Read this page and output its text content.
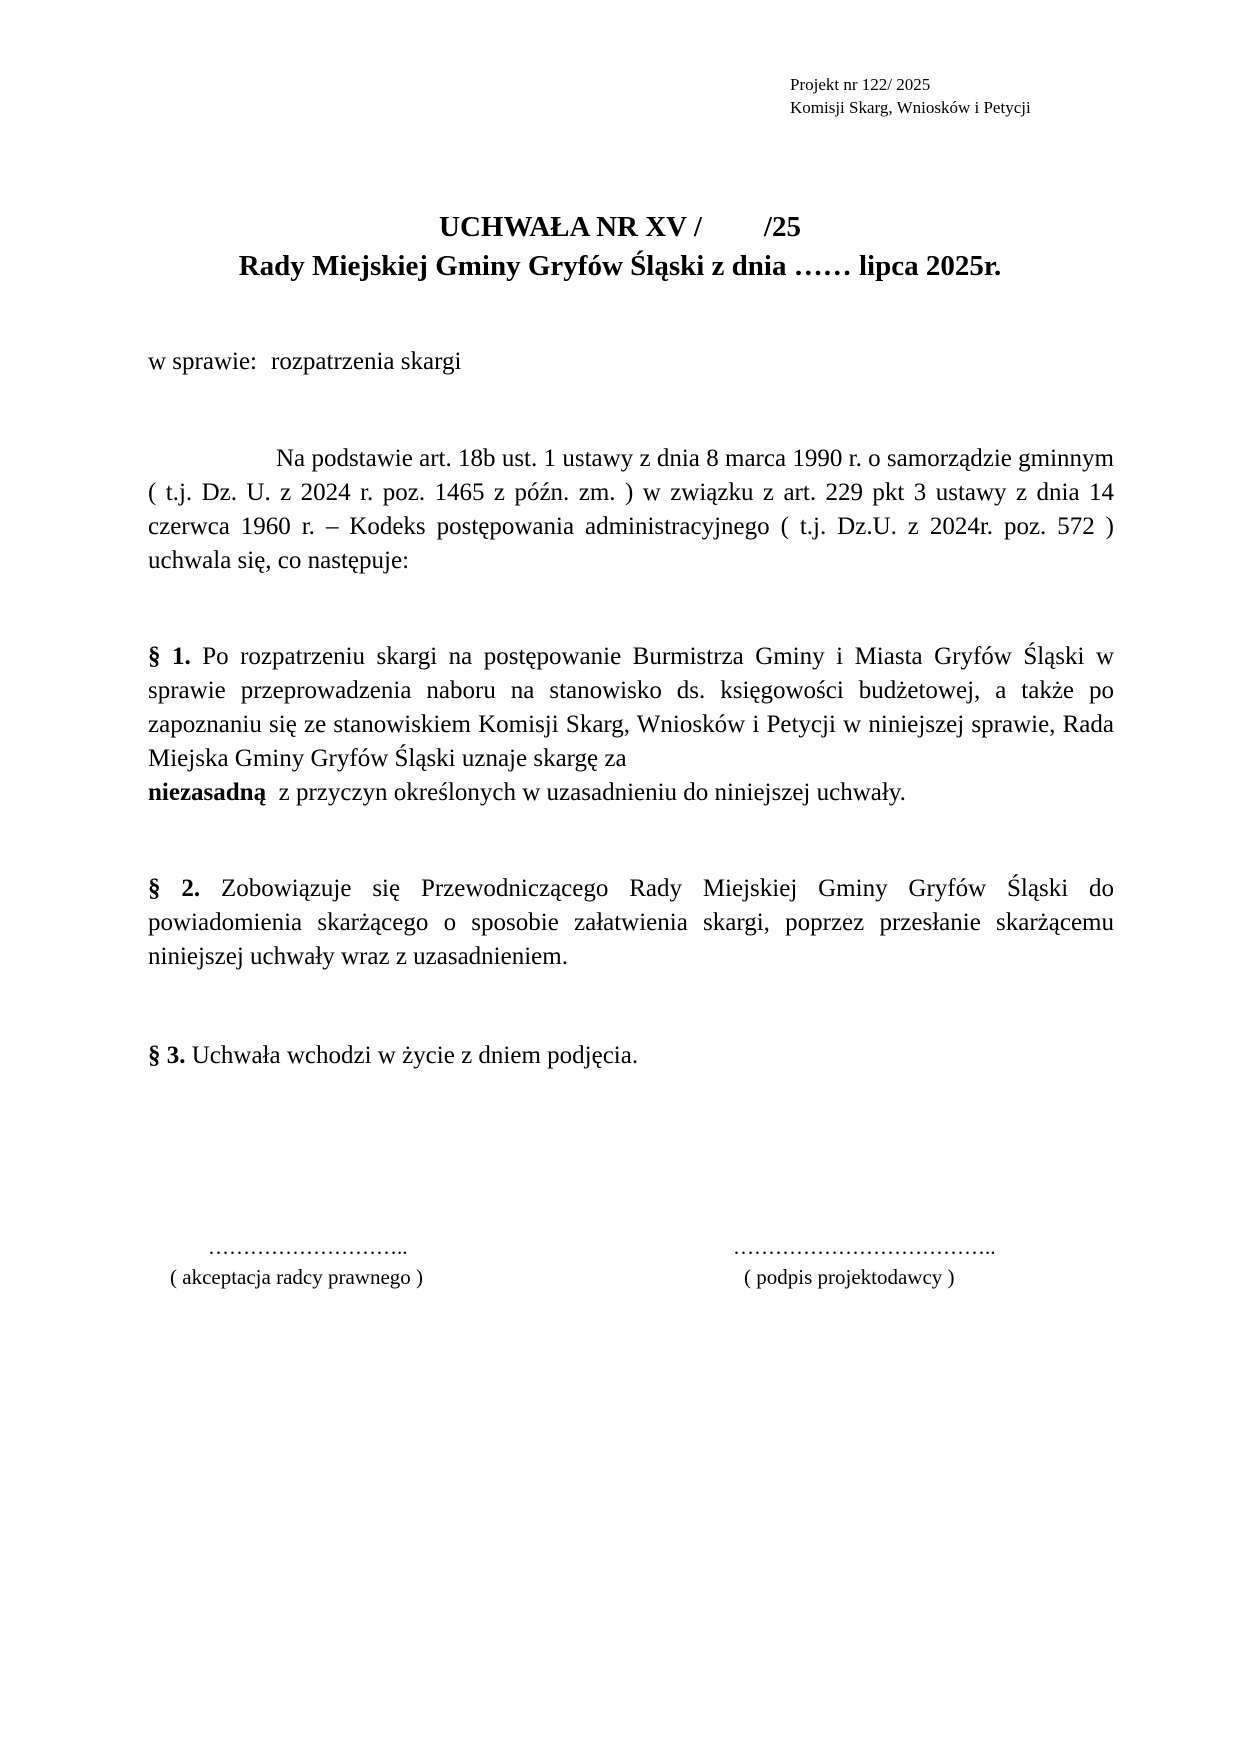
Projekt nr 122/ 2025
Komisji Skarg, Wniosków i Petycji
UCHWAŁA NR XV / /25
Rady Miejskiej Gminy Gryfów Śląski z dnia …… lipca 2025r.
w sprawie: rozpatrzenia skargi
Na podstawie art. 18b ust. 1 ustawy z dnia 8 marca 1990 r. o samorządzie gminnym ( t.j. Dz. U. z 2024 r. poz. 1465 z późn. zm. ) w związku z art. 229 pkt 3 ustawy z dnia 14 czerwca 1960 r. – Kodeks postępowania administracyjnego ( t.j. Dz.U. z 2024r. poz. 572 ) uchwala się, co następuje:
§ 1. Po rozpatrzeniu skargi na postępowanie Burmistrza Gminy i Miasta Gryfów Śląski w sprawie przeprowadzenia naboru na stanowisko ds. księgowości budżetowej, a także po zapoznaniu się ze stanowiskiem Komisji Skarg, Wniosków i Petycji w niniejszej sprawie, Rada Miejska Gminy Gryfów Śląski uznaje skargę za
niezasadną z przyczyn określonych w uzasadnieniu do niniejszej uchwały.
§ 2. Zobowiązuje się Przewodniczącego Rady Miejskiej Gminy Gryfów Śląski do powiadomienia skarżącego o sposobie załatwienia skargi, poprzez przesłanie skarżącemu niniejszej uchwały wraz z uzasadnieniem.
§ 3. Uchwała wchodzi w życie z dniem podjęcia.
………………………..
( akceptacja radcy prawnego )
………………………………..
( podpis projektodawcy )
